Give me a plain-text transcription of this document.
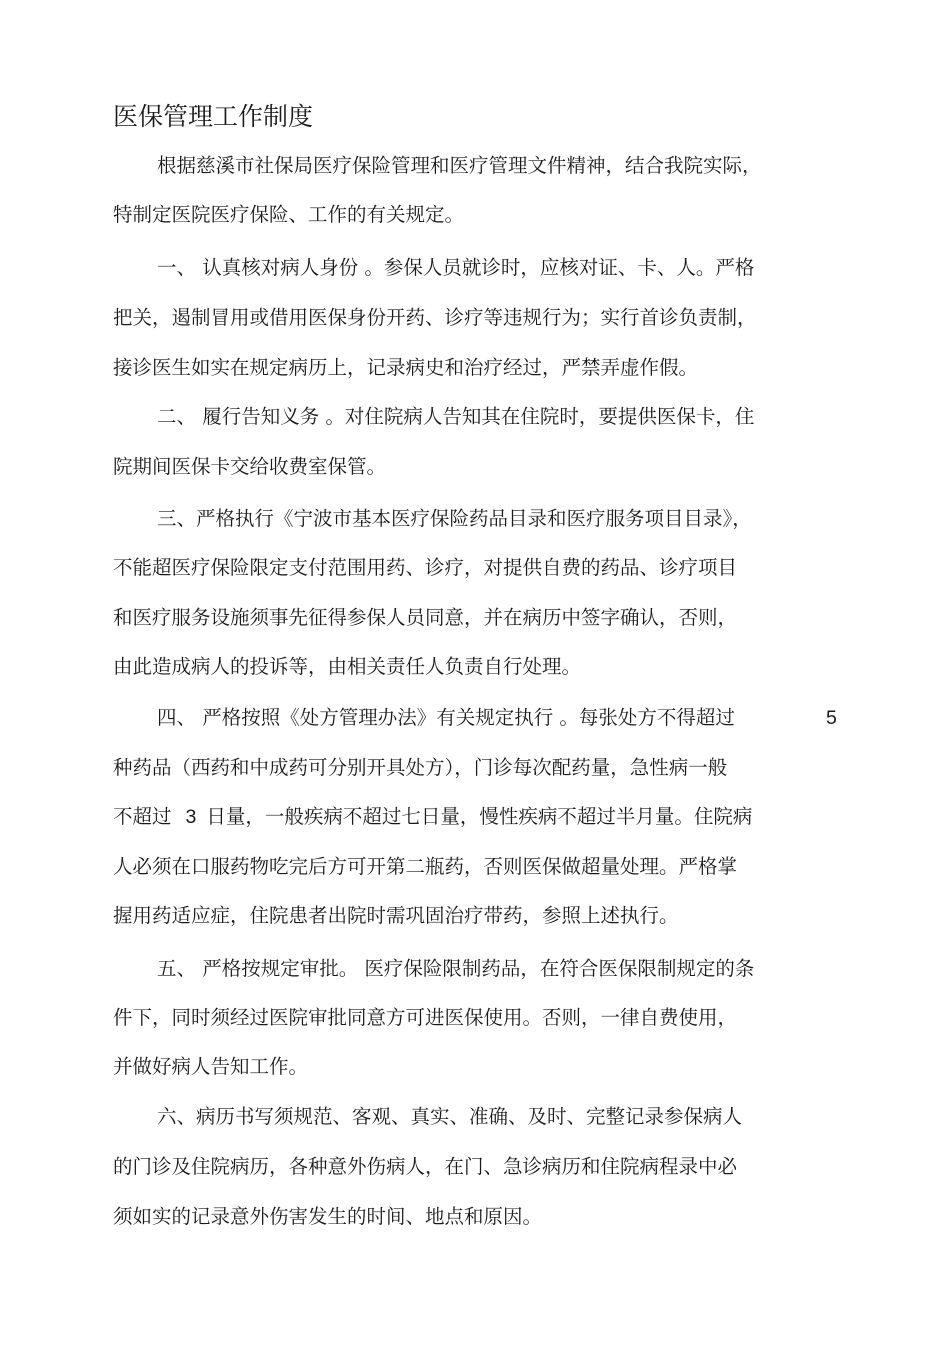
医保管理工作制度
根据慈溪市社保局医疗保险管理和医疗管理文件精神，结合我院实际，
特制定医院医疗保险、工作的有关规定。
一、 认真核对病人身份 。参保人员就诊时，应核对证、卡、人。严格
把关，遏制冒用或借用医保身份开药、诊疗等违规行为；实行首诊负责制，
接诊医生如实在规定病历上，记录病史和治疗经过，严禁弄虚作假。
二、 履行告知义务 。对住院病人告知其在住院时，要提供医保卡，住
院期间医保卡交给收费室保管。
三、严格执行《宁波市基本医疗保险药品目录和医疗服务项目目录》，
不能超医疗保险限定支付范围用药、诊疗，对提供自费的药品、诊疗项目
和医疗服务设施须事先征得参保人员同意，并在病历中签字确认，否则，
由此造成病人的投诉等，由相关责任人负责自行处理。
四、 严格按照《处方管理办法》有关规定执行 。每张处方不得超过	5
种药品（西药和中成药可分别开具处方），门诊每次配药量，急性病一般
不超过 3 日量，一般疾病不超过七日量，慢性疾病不超过半月量。住院病
人必须在口服药物吃完后方可开第二瓶药，否则医保做超量处理。严格掌
握用药适应症，住院患者出院时需巩固治疗带药，参照上述执行。
五、 严格按规定审批。 医疗保险限制药品，在符合医保限制规定的条
件下，同时须经过医院审批同意方可进医保使用。否则，一律自费使用，
并做好病人告知工作。
六、病历书写须规范、客观、真实、准确、及时、完整记录参保病人
的门诊及住院病历，各种意外伤病人，在门、急诊病历和住院病程录中必
须如实的记录意外伤害发生的时间、地点和原因。
